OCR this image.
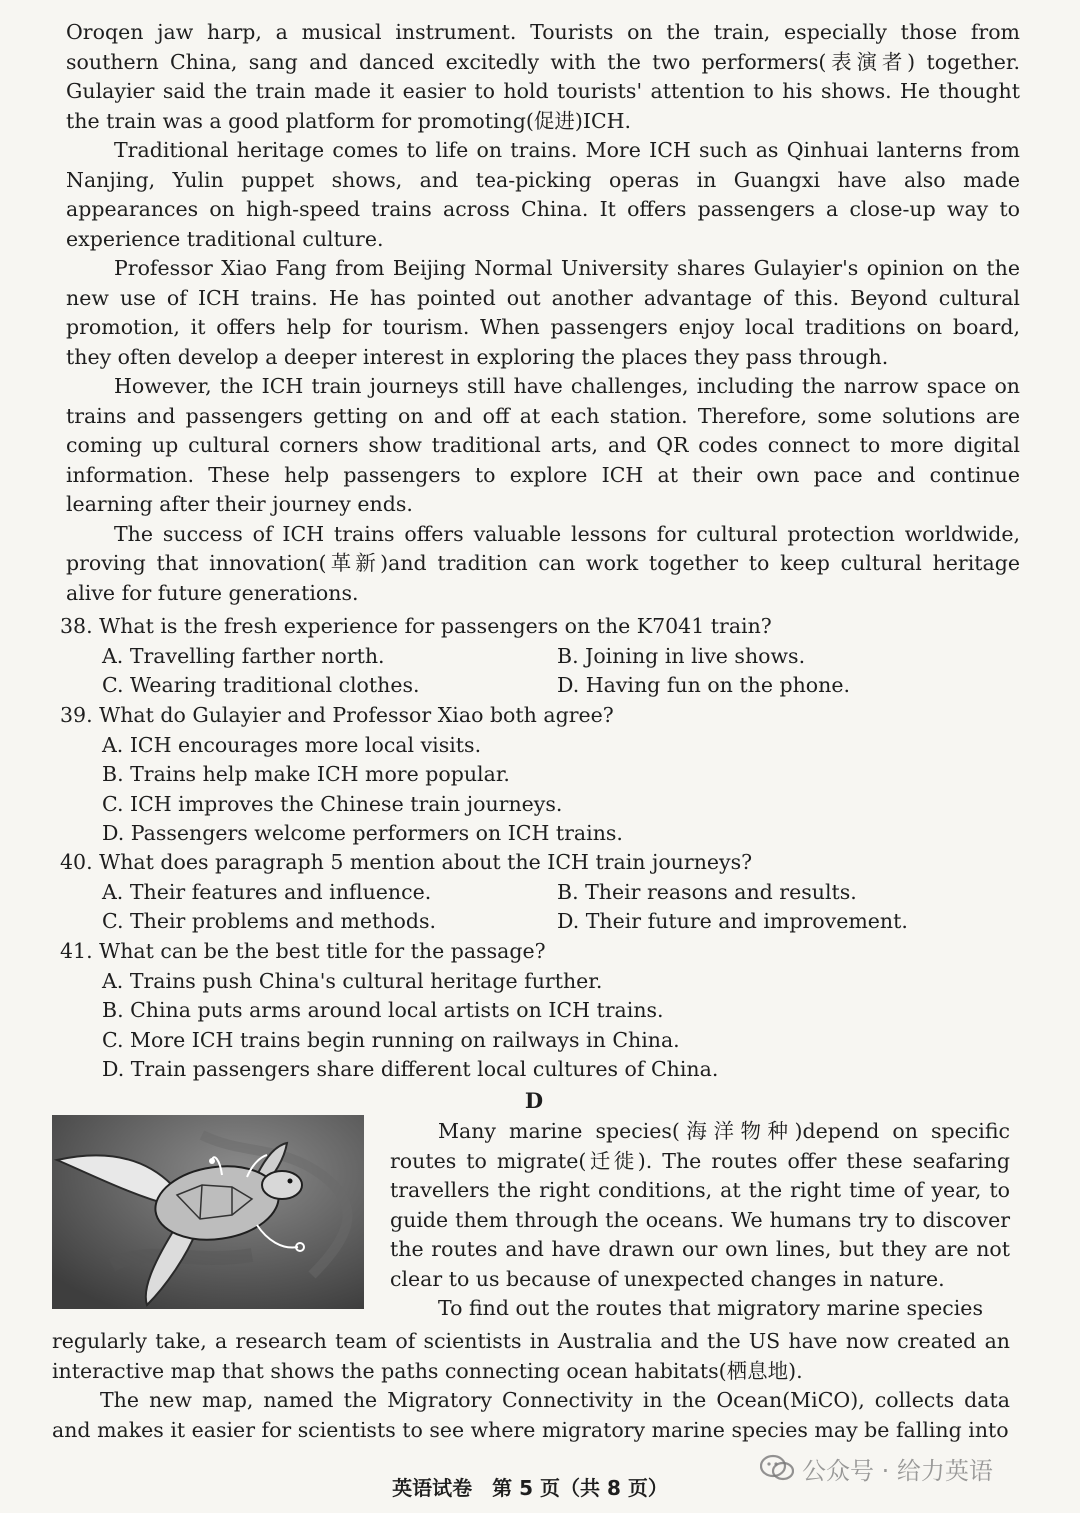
Oroqen jaw harp, a musical instrument. Tourists on the train, especially those from southern China, sang and danced excitedly with the two performers(表演者) together. Gulayier said the train made it easier to hold tourists' attention to his shows. He thought the train was a good platform for promoting(促进)ICH.

Traditional heritage comes to life on trains. More ICH such as Qinhuai lanterns from Nanjing, Yulin puppet shows, and tea-picking operas in Guangxi have also made appearances on high-speed trains across China. It offers passengers a close-up way to experience traditional culture.

Professor Xiao Fang from Beijing Normal University shares Gulayier's opinion on the new use of ICH trains. He has pointed out another advantage of this. Beyond cultural promotion, it offers help for tourism. When passengers enjoy local traditions on board, they often develop a deeper interest in exploring the places they pass through.

However, the ICH train journeys still have challenges, including the narrow space on trains and passengers getting on and off at each station. Therefore, some solutions are coming up cultural corners show traditional arts, and QR codes connect to more digital information. These help passengers to explore ICH at their own pace and continue learning after their journey ends.

The success of ICH trains offers valuable lessons for cultural protection worldwide, proving that innovation(革新)and tradition can work together to keep cultural heritage alive for future generations.

38. What is the fresh experience for passengers on the K7041 train?

A. Travelling farther north.	B. Joining in live shows.
C. Wearing traditional clothes.	D. Having fun on the phone.

39. What do Gulayier and Professor Xiao both agree?

A. ICH encourages more local visits.
B. Trains help make ICH more popular.
C. ICH improves the Chinese train journeys.
D. Passengers welcome performers on ICH trains.

40. What does paragraph 5 mention about the ICH train journeys?

A. Their features and influence.	B. Their reasons and results.
C. Their problems and methods.	D. Their future and improvement.

41. What can be the best title for the passage?

A. Trains push China's cultural heritage further.
B. China puts arms around local artists on ICH trains.
C. More ICH trains begin running on railways in China.
D. Train passengers share different local cultures of China.
D

Many marine species(海洋物种)depend on specific routes to migrate(迁徙). The routes offer these seafaring travellers the right conditions, at the right time of year, to guide them through the oceans. We humans try to discover the routes and have drawn our own lines, but they are not clear to us because of unexpected changes in nature.

To find out the routes that migratory marine species

regularly take, a research team of scientists in Australia and the US have now created an interactive map that shows the paths connecting ocean habitats(栖息地).

The new map, named the Migratory Connectivity in the Ocean(MiCO), collects data and makes it easier for scientists to see where migratory marine species may be falling into

公众号 · 给力英语
英语试卷　第 5 页（共 8 页）
